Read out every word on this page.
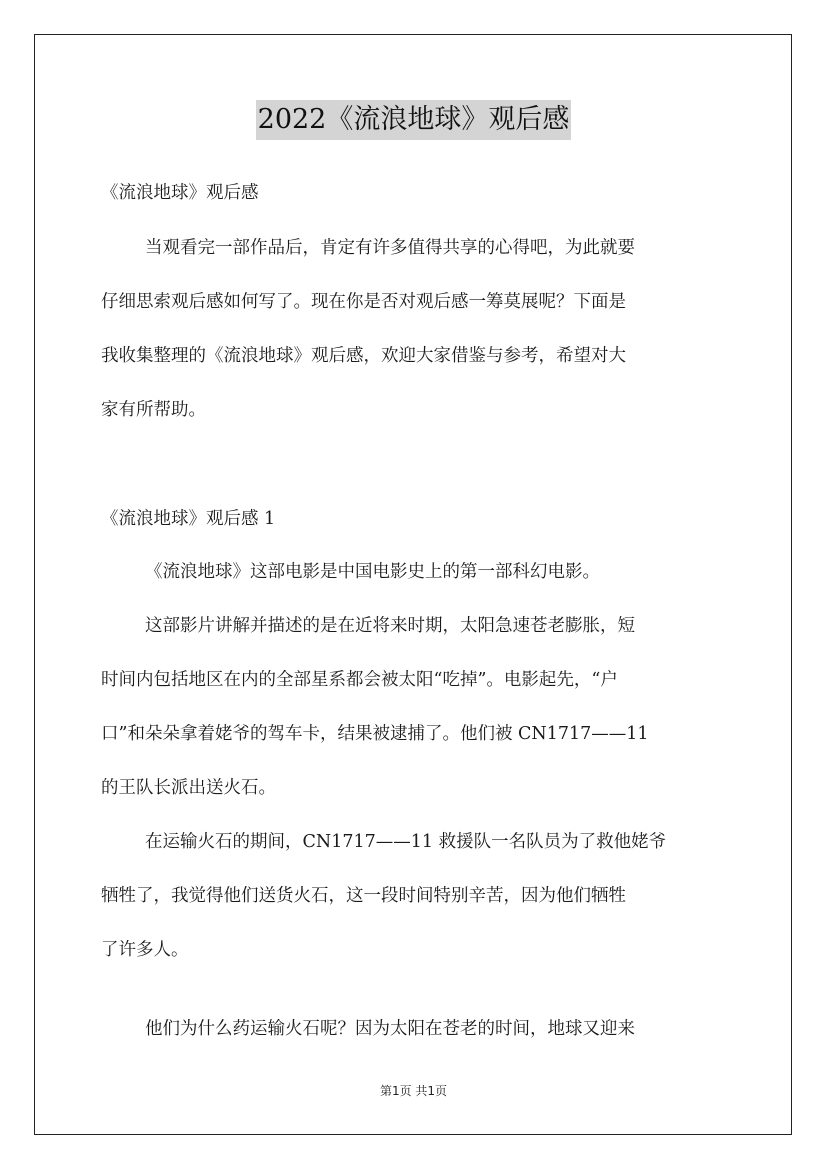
2022《流浪地球》观后感
《流浪地球》观后感
当观看完一部作品后，肯定有许多值得共享的心得吧，为此就要
仔细思索观后感如何写了。现在你是否对观后感一筹莫展呢？下面是
我收集整理的《流浪地球》观后感，欢迎大家借鉴与参考，希望对大
家有所帮助。
《流浪地球》观后感 1
《流浪地球》这部电影是中国电影史上的第一部科幻电影。
这部影片讲解并描述的是在近将来时期，太阳急速苍老膨胀，短
时间内包括地区在内的全部星系都会被太阳“吃掉”。电影起先，“户
口”和朵朵拿着姥爷的驾车卡，结果被逮捕了。他们被 CN1717——11
的王队长派出送火石。
在运输火石的期间，CN1717——11 救援队一名队员为了救他姥爷
牺牲了，我觉得他们送货火石，这一段时间特别辛苦，因为他们牺牲
了许多人。
他们为什么药运输火石呢？因为太阳在苍老的时间，地球又迎来
第1页 共1页
